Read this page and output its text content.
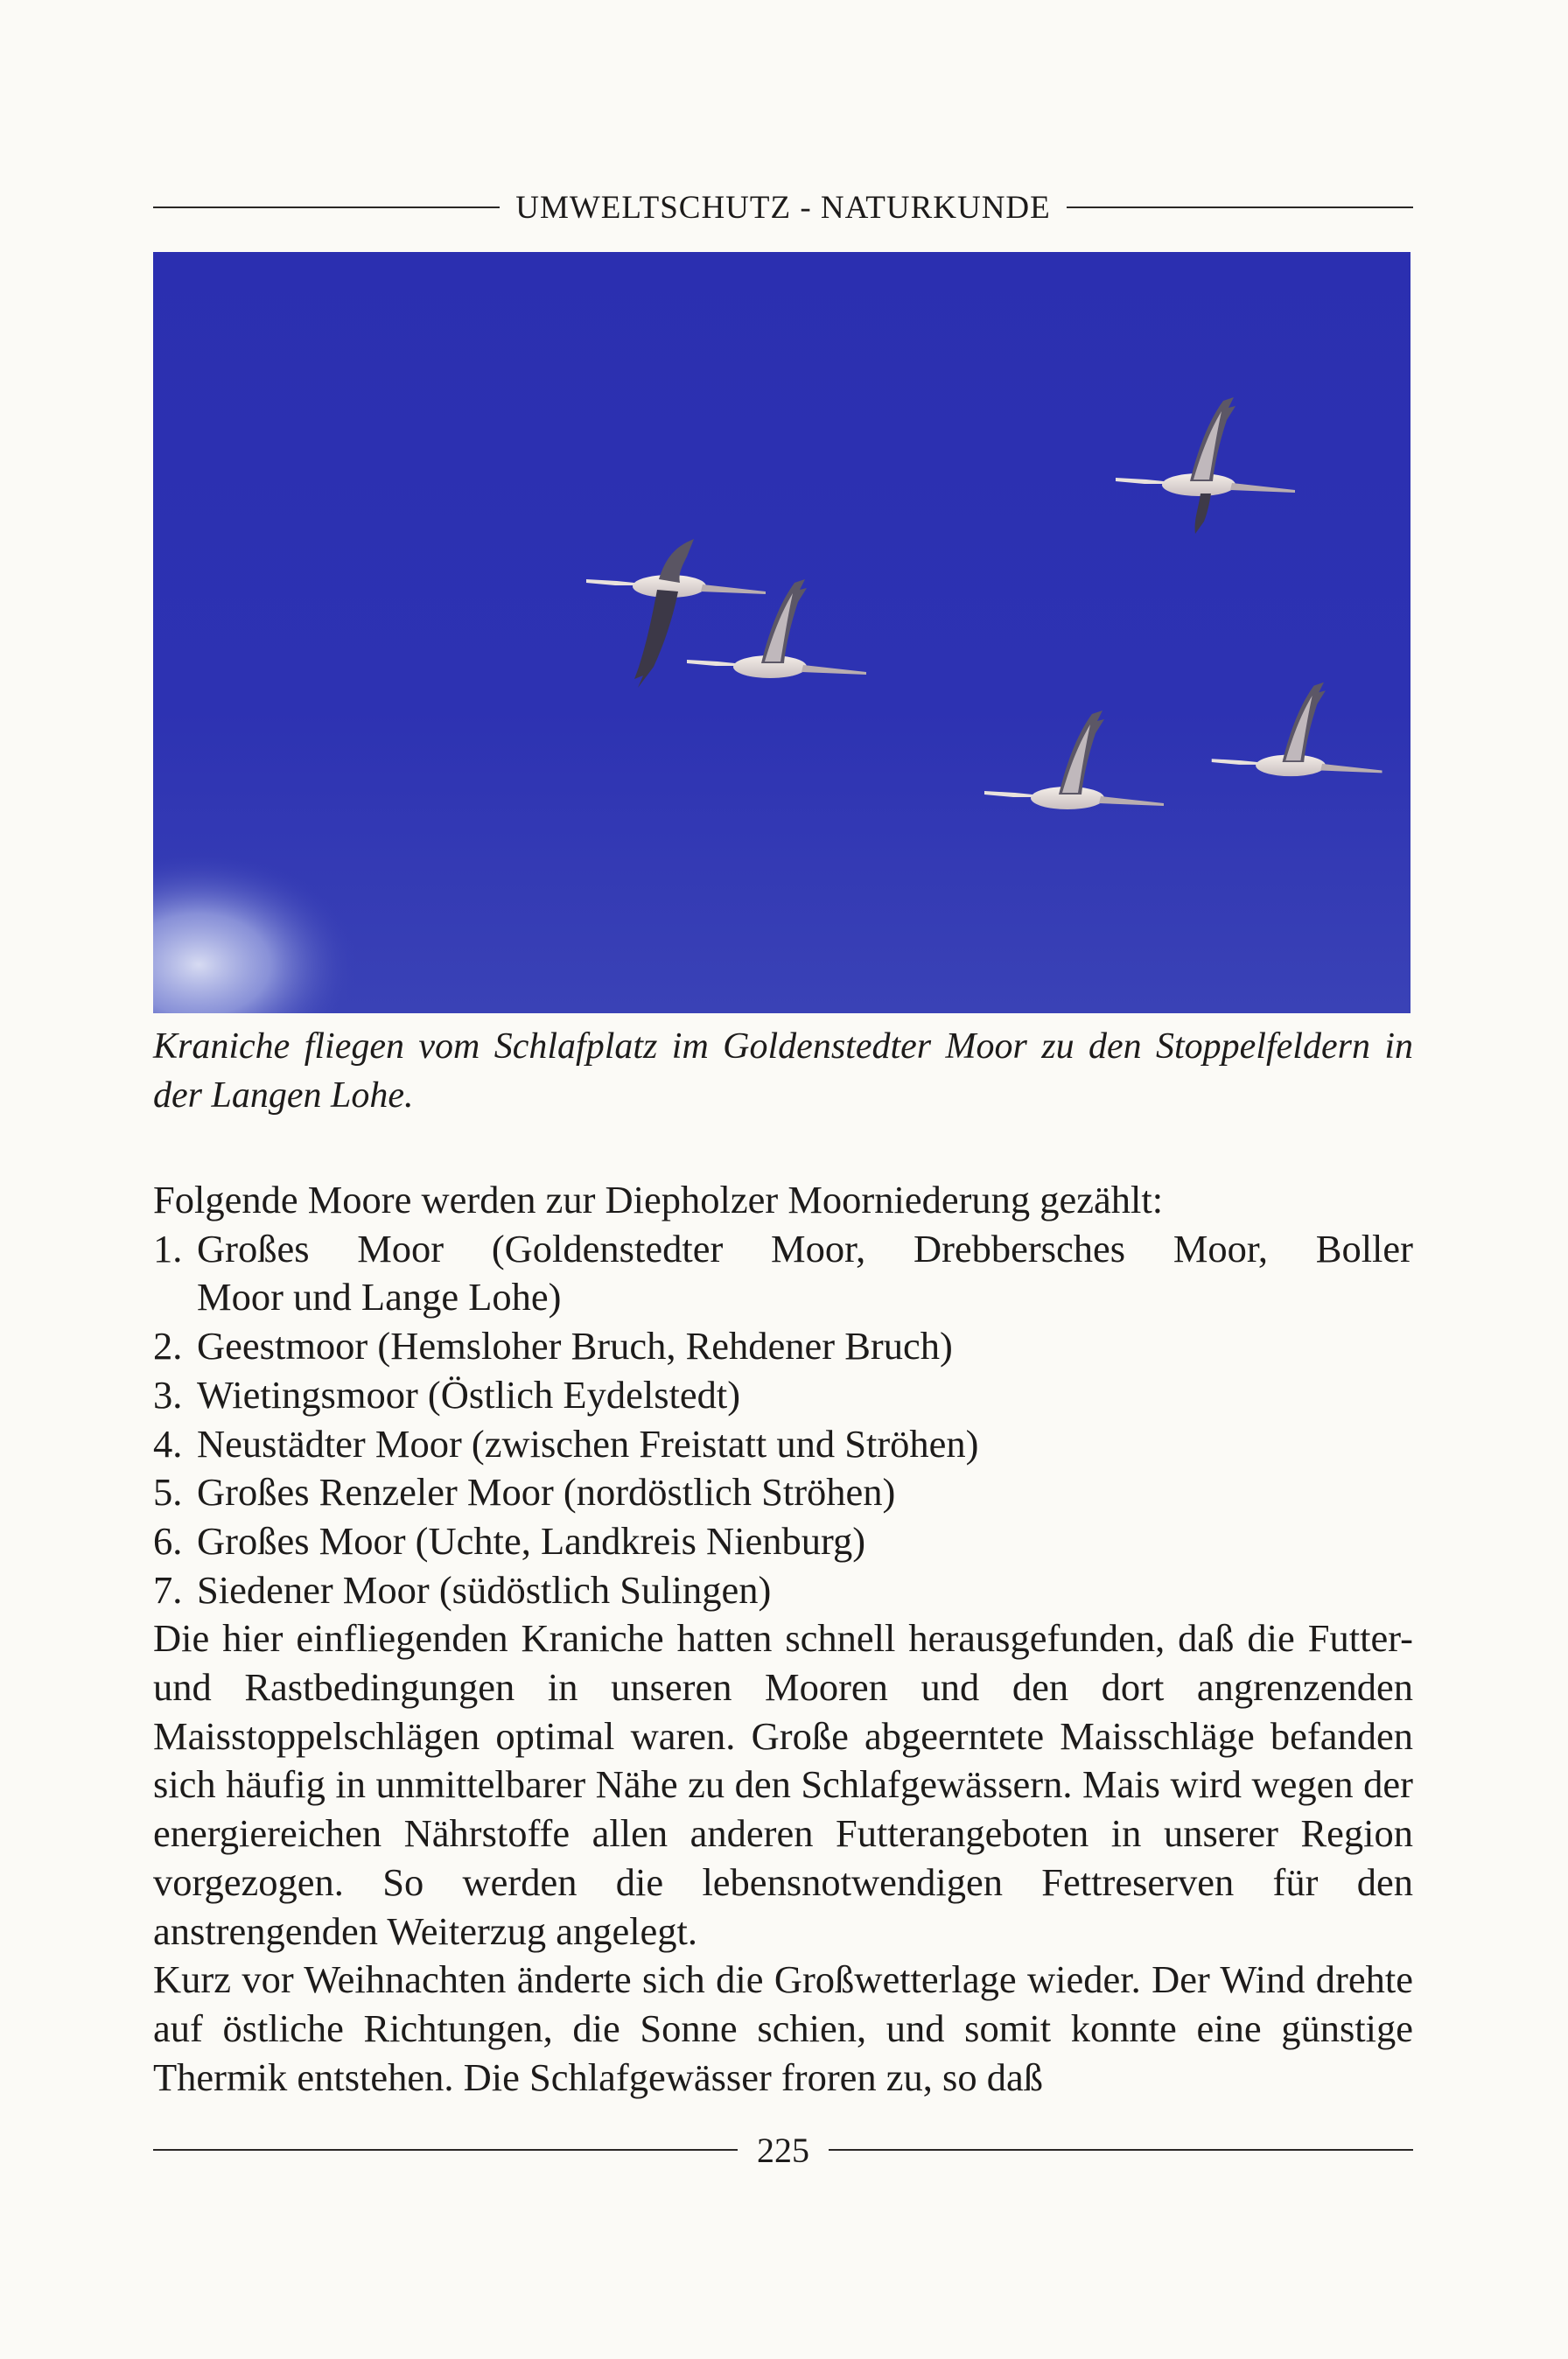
UMWELTSCHUTZ - NATURKUNDE
Kraniche fliegen vom Schlafplatz im Goldenstedter Moor zu den Stoppelfeldern in der Langen Lohe.

Folgende Moore werden zur Diepholzer Moorniederung gezählt:

1. Großes Moor (Goldenstedter Moor, Drebbersches Moor, Boller
Moor und Lange Lohe)
2. Geestmoor (Hemsloher Bruch, Rehdener Bruch)
3. Wietingsmoor (Östlich Eydelstedt)
4. Neustädter Moor (zwischen Freistatt und Ströhen)
5. Großes Renzeler Moor (nordöstlich Ströhen)
6. Großes Moor (Uchte, Landkreis Nienburg)
7. Siedener Moor (südöstlich Sulingen)

Die hier einfliegenden Kraniche hatten schnell herausgefunden, daß die Futter- und Rastbedingungen in unseren Mooren und den dort angrenzenden Maisstoppelschlägen optimal waren. Große abgeerntete Maisschläge befanden sich häufig in unmittelbarer Nähe zu den Schlafgewässern. Mais wird wegen der energiereichen Nährstoffe allen anderen Futterangeboten in unserer Region vorgezogen. So werden die lebensnotwendigen Fettreserven für den anstrengenden Weiterzug angelegt.

Kurz vor Weihnachten änderte sich die Großwetterlage wieder. Der Wind drehte auf östliche Richtungen, die Sonne schien, und somit konnte eine günstige Thermik entstehen. Die Schlafgewässer froren zu, so daß

225
